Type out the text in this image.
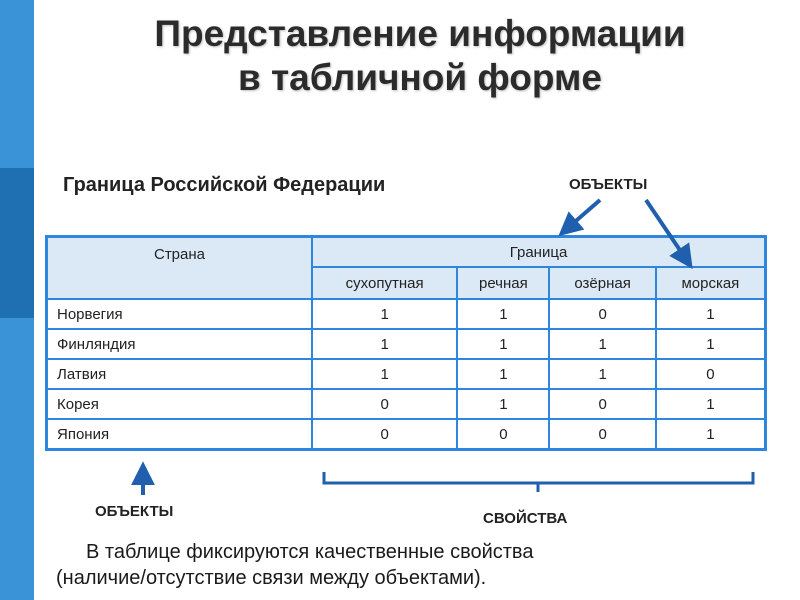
Представление информации
в табличной форме
Граница Российской Федерации	ОБЪЕКТЫ
Страна	Граница			
	сухопутная	речная	озёрная	морская
Норвегия	1	1	0	1
Финляндия	1	1	1	1
Латвия	1	1	1	0
Корея	0	1	0	1
Япония	0	0	0	1
ОБЪЕКТЫ	СВОЙСТВА
В таблице фиксируются качественные свойства
(наличие/отсутствие связи между объектами).
